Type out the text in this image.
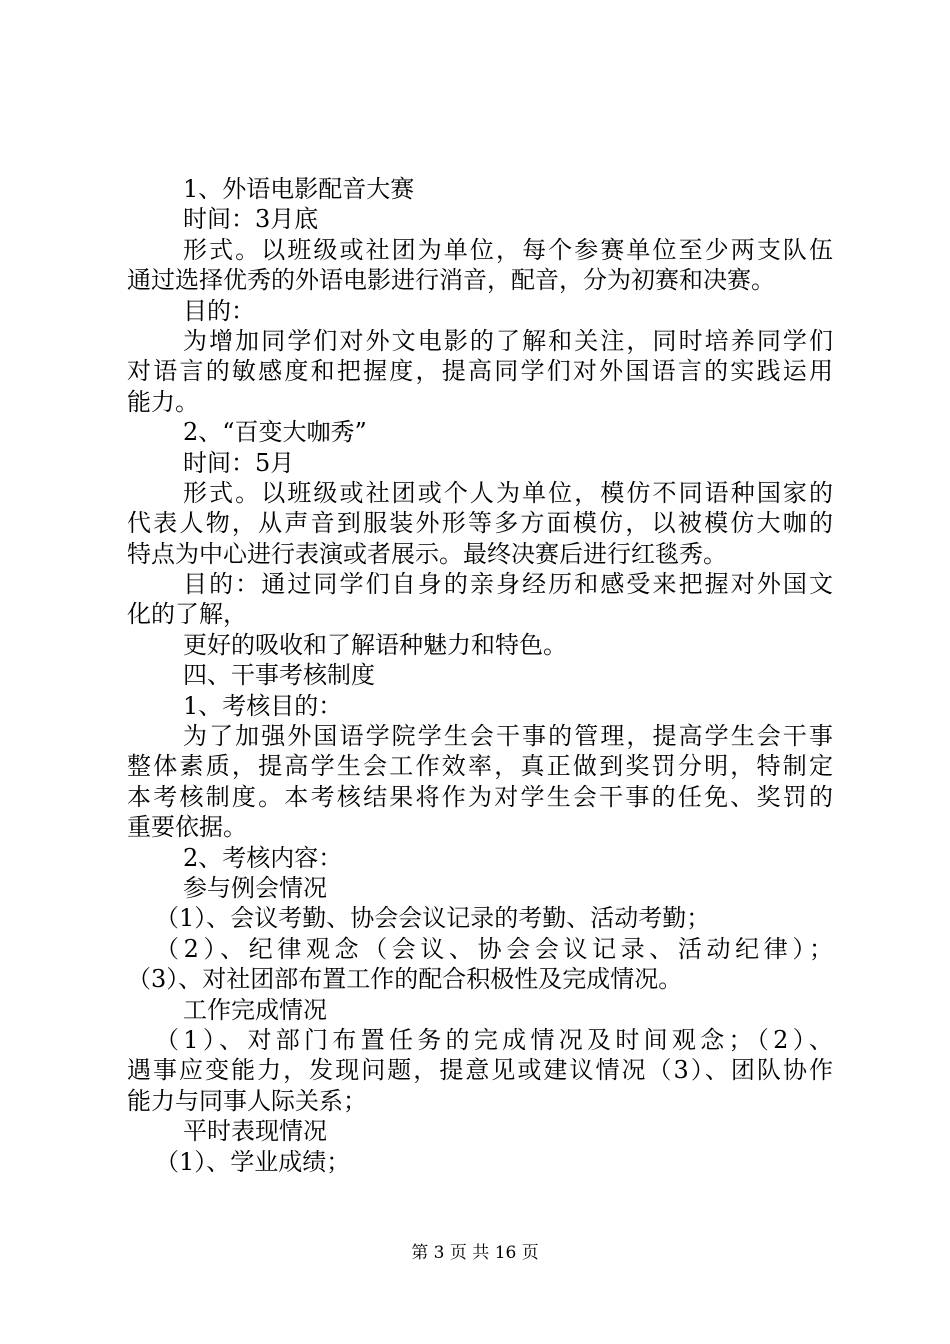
1、外语电影配音大赛
时间：3月底
形式。以班级或社团为单位，每个参赛单位至少两支队伍
通过选择优秀的外语电影进行消音，配音，分为初赛和决赛。
目的：
为增加同学们对外文电影的了解和关注，同时培养同学们
对语言的敏感度和把握度，提高同学们对外国语言的实践运用
能力。
2、“百变大咖秀”
时间：5月
形式。以班级或社团或个人为单位，模仿不同语种国家的
代表人物，从声音到服装外形等多方面模仿，以被模仿大咖的
特点为中心进行表演或者展示。最终决赛后进行红毯秀。
目的：通过同学们自身的亲身经历和感受来把握对外国文
化的了解，
更好的吸收和了解语种魅力和特色。
四、干事考核制度
1、考核目的：
为了加强外国语学院学生会干事的管理，提高学生会干事
整体素质，提高学生会工作效率，真正做到奖罚分明，特制定
本考核制度。本考核结果将作为对学生会干事的任免、奖罚的
重要依据。
2、考核内容：
参与例会情况
（1）、会议考勤、协会会议记录的考勤、活动考勤；
（2）、纪律观念（会议、协会会议记录、活动纪律）；
（3）、对社团部布置工作的配合积极性及完成情况。
工作完成情况
（1）、对部门布置任务的完成情况及时间观念；（2）、
遇事应变能力，发现问题，提意见或建议情况（3）、团队协作
能力与同事人际关系；
平时表现情况
（1）、学业成绩；
第 3 页 共 16 页
